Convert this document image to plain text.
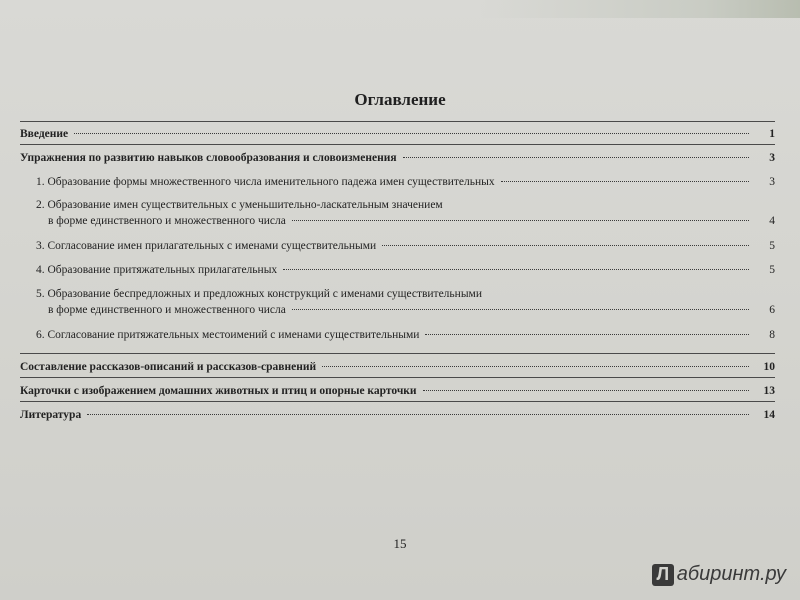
Оглавление
Введение	1
Упражнения по развитию навыков словообразования и словоизменения	3
1. Образование формы множественного числа именительного падежа имен существительных	3
2. Образование имен существительных с уменьшительно-ласкательным значением
в форме единственного и множественного числа	4
3. Согласование имен прилагательных с именами существительными	5
4. Образование притяжательных прилагательных	5
5. Образование беспредложных и предложных конструкций с именами существительными
в форме единственного и множественного числа	6
6. Согласование притяжательных местоимений с именами существительными	8
Составление рассказов-описаний и рассказов-сравнений	10
Карточки с изображением домашних животных и птиц и опорные карточки	13
Литература	14
15
Л абиринт.ру
